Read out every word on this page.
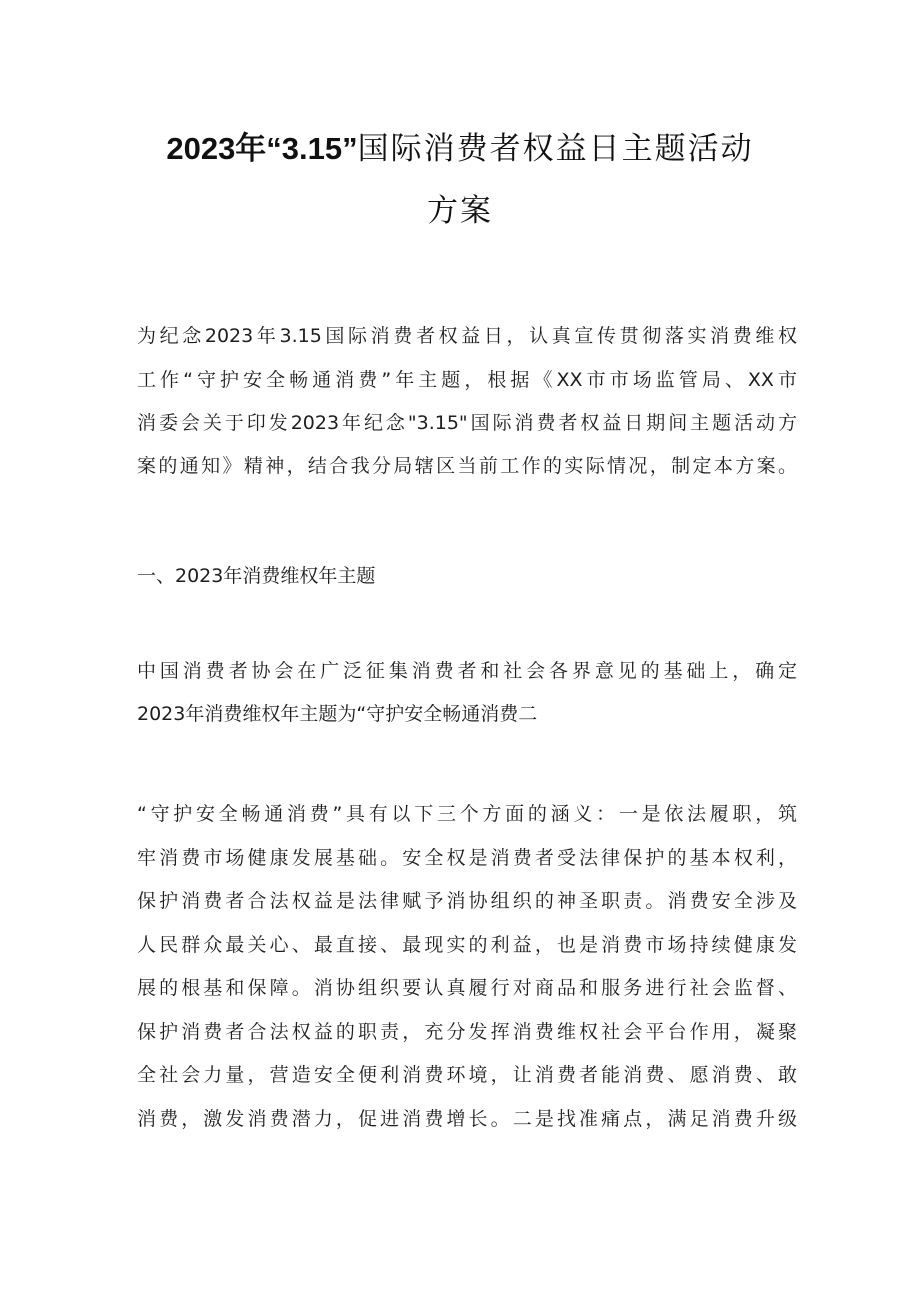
2023年“3.15”国际消费者权益日主题活动
方案

为纪念2023年3.15国际消费者权益日，认真宣传贯彻落实消费维权

工作“守护安全畅通消费”年主题，根据《XX市市场监管局、XX市

消委会关于印发2023年纪念"3.15"国际消费者权益日期间主题活动方

案的通知》精神，结合我分局辖区当前工作的实际情况，制定本方案。

一、2023年消费维权年主题

中国消费者协会在广泛征集消费者和社会各界意见的基础上，确定

2023年消费维权年主题为“守护安全畅通消费二

“守护安全畅通消费”具有以下三个方面的涵义：一是依法履职，筑

牢消费市场健康发展基础。安全权是消费者受法律保护的基本权利，

保护消费者合法权益是法律赋予消协组织的神圣职责。消费安全涉及

人民群众最关心、最直接、最现实的利益，也是消费市场持续健康发

展的根基和保障。消协组织要认真履行对商品和服务进行社会监督、

保护消费者合法权益的职责，充分发挥消费维权社会平台作用，凝聚

全社会力量，营造安全便利消费环境，让消费者能消费、愿消费、敢

消费，激发消费潜力，促进消费增长。二是找准痛点，满足消费升级
